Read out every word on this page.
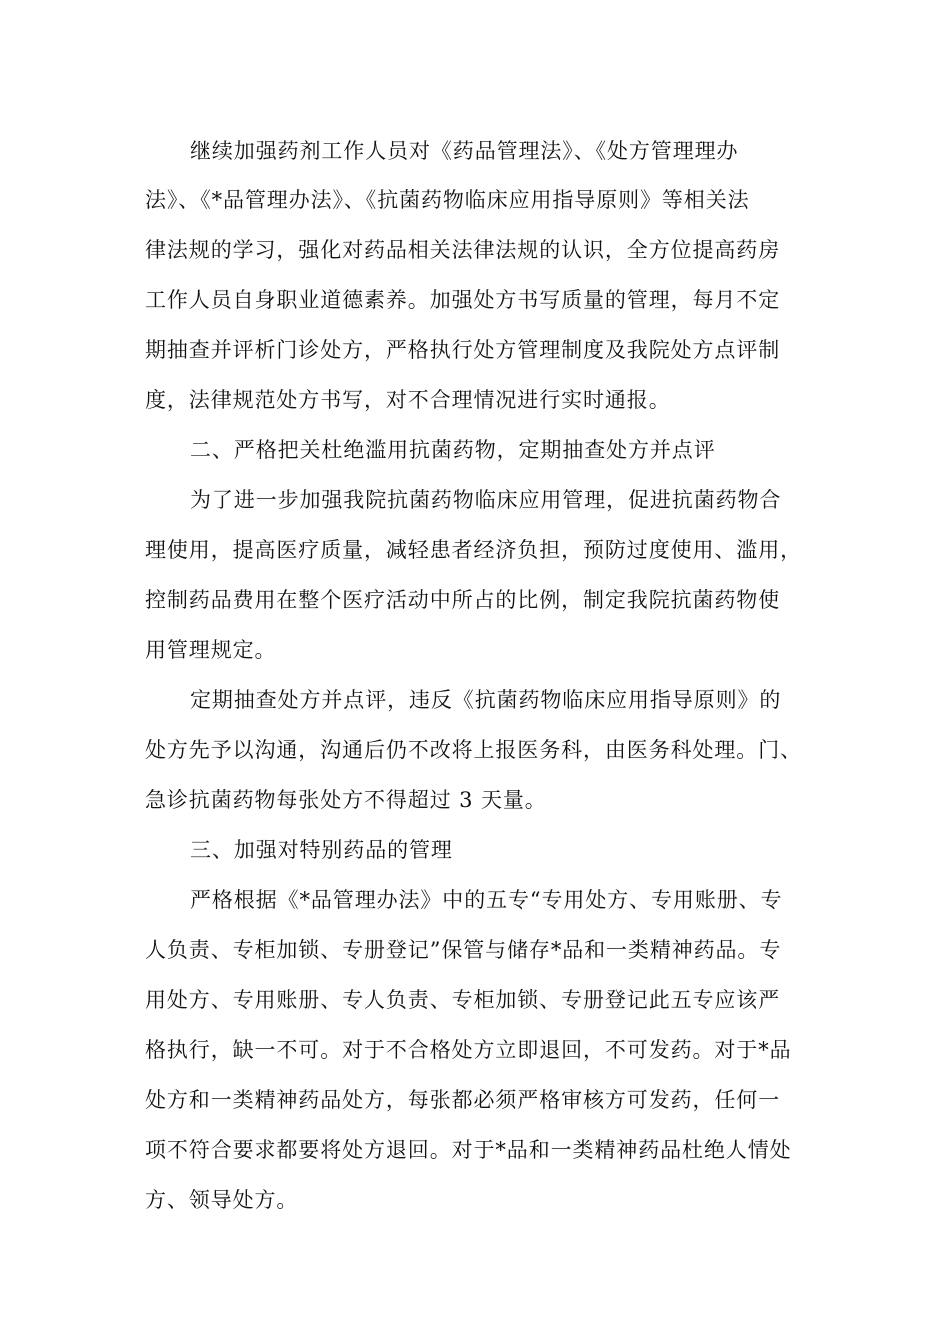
继续加强药剂工作人员对《药品管理法》、《处方管理理办
法》、《*品管理办法》、《抗菌药物临床应用指导原则》等相关法
律法规的学习，强化对药品相关法律法规的认识，全方位提高药房
工作人员自身职业道德素养。加强处方书写质量的管理，每月不定
期抽查并评析门诊处方，严格执行处方管理制度及我院处方点评制
度，法律规范处方书写，对不合理情况进行实时通报。
二、严格把关杜绝滥用抗菌药物，定期抽查处方并点评
为了进一步加强我院抗菌药物临床应用管理，促进抗菌药物合
理使用，提高医疗质量，减轻患者经济负担，预防过度使用、滥用，
控制药品费用在整个医疗活动中所占的比例，制定我院抗菌药物使
用管理规定。
定期抽查处方并点评，违反《抗菌药物临床应用指导原则》的
处方先予以沟通，沟通后仍不改将上报医务科，由医务科处理。门、
急诊抗菌药物每张处方不得超过 3 天量。
三、加强对特别药品的管理
严格根据《*品管理办法》中的五专“专用处方、专用账册、专
人负责、专柜加锁、专册登记”保管与储存*品和一类精神药品。专
用处方、专用账册、专人负责、专柜加锁、专册登记此五专应该严
格执行，缺一不可。对于不合格处方立即退回，不可发药。对于*品
处方和一类精神药品处方，每张都必须严格审核方可发药，任何一
项不符合要求都要将处方退回。对于*品和一类精神药品杜绝人情处
方、领导处方。
